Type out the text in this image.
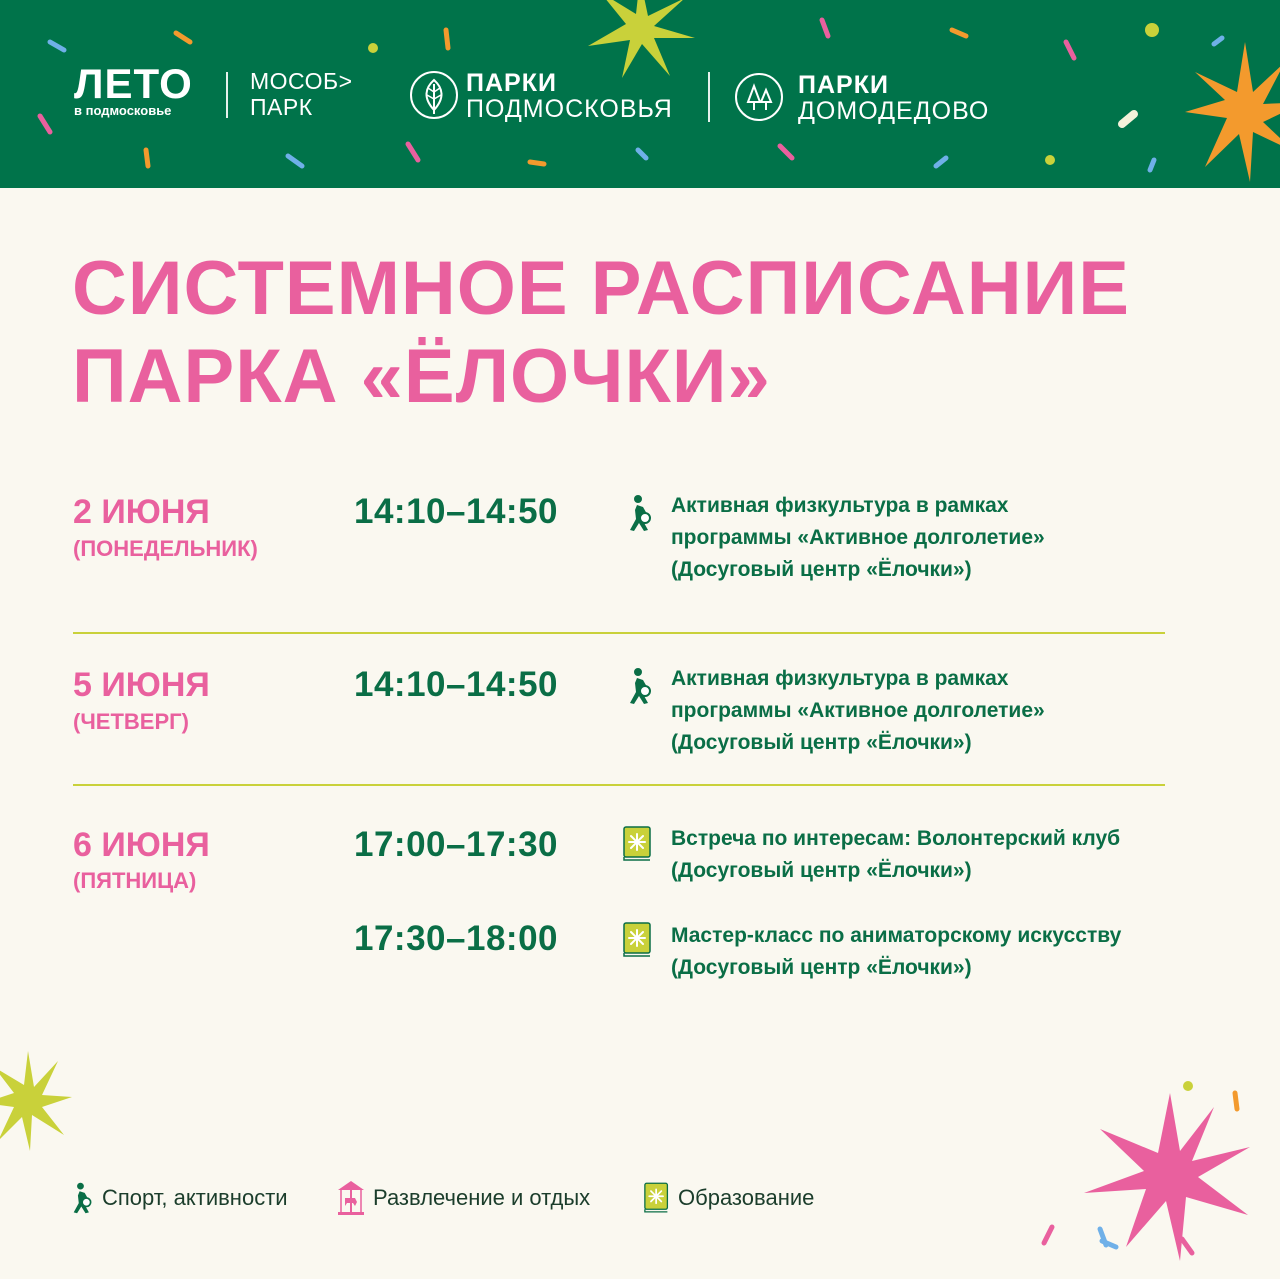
ЛЕТО
в подмосковье
МОСОБ>
ПАРК
ПАРКИ
ПОДМОСКОВЬЯ
ПАРКИ
ДОМОДЕДОВО
СИСТЕМНОЕ РАСПИСАНИЕ
ПАРКА «ЁЛОЧКИ»
2 ИЮНЯ
(ПОНЕДЕЛЬНИК)
14:10–14:50	Активная физкультура в рамках
программы «Активное долголетие»
(Досуговый центр «Ёлочки»)
5 ИЮНЯ
(ЧЕТВЕРГ)
14:10–14:50	Активная физкультура в рамках
программы «Активное долголетие»
(Досуговый центр «Ёлочки»)
6 ИЮНЯ
(ПЯТНИЦА)
17:00–17:30	Встреча по интересам: Волонтерский клуб
(Досуговый центр «Ёлочки»)
17:30–18:00	Мастер-класс по аниматорскому искусству
(Досуговый центр «Ёлочки»)
Спорт, активности	Развлечение и отдых	Образование
